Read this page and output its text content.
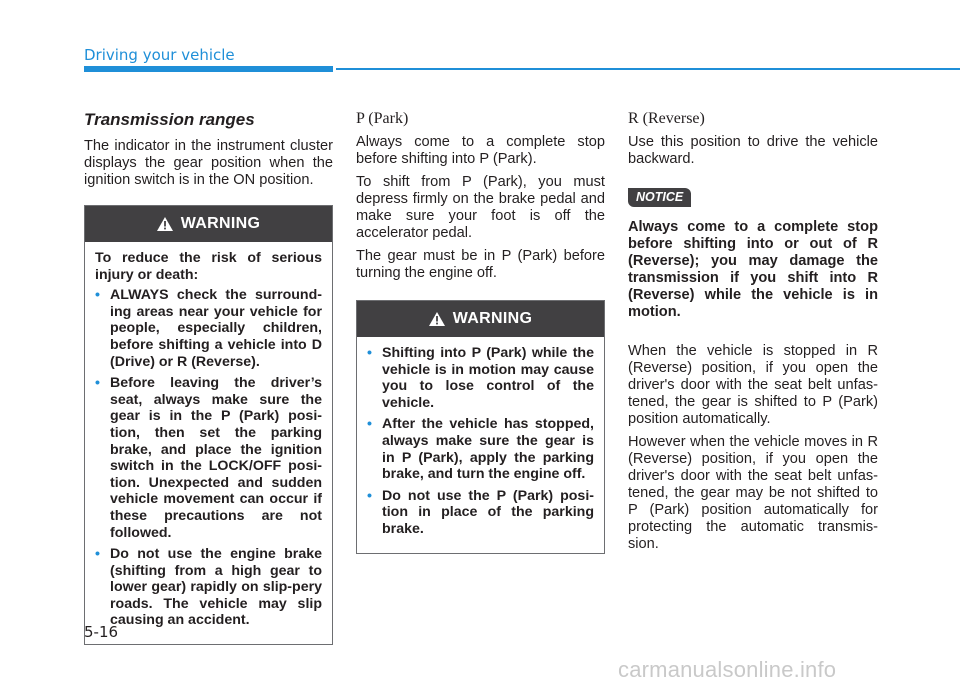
Driving your vehicle
Transmission ranges

The indicator in the instrument cluster displays the gear position when the ignition switch is in the ON position.

WARNING

To reduce the risk of serious injury or death:

• ALWAYS check the surround-ing areas near your vehicle for people, especially children, before shifting a vehicle into D (Drive) or R (Reverse).
• Before leaving the driver’s seat, always make sure the gear is in the P (Park) posi-tion, then set the parking brake, and place the ignition switch in the LOCK/OFF posi-tion. Unexpected and sudden vehicle movement can occur if these precautions are not followed.
• Do not use the engine brake (shifting from a high gear to lower gear) rapidly on slip-pery roads. The vehicle may slip causing an accident.
P (Park)

Always come to a complete stop before shifting into P (Park).

To shift from P (Park), you must depress firmly on the brake pedal and make sure your foot is off the accelerator pedal.

The gear must be in P (Park) before turning the engine off.

WARNING
• Shifting into P (Park) while the vehicle is in motion may cause you to lose control of the vehicle.
• After the vehicle has stopped, always make sure the gear is in P (Park), apply the parking brake, and turn the engine off.
• Do not use the P (Park) posi-tion in place of the parking brake.
R (Reverse)

Use this position to drive the vehicle backward.

NOTICE

Always come to a complete stop before shifting into or out of R (Reverse); you may damage the transmission if you shift into R (Reverse) while the vehicle is in motion.

When the vehicle is stopped in R (Reverse) position, if you open the driver's door with the seat belt unfas-tened, the gear is shifted to P (Park) position automatically.

However when the vehicle moves in R (Reverse) position, if you open the driver's door with the seat belt unfas-tened, the gear may be not shifted to P (Park) position automatically for protecting the automatic transmis-sion.

5-16
carmanualsonline.info
